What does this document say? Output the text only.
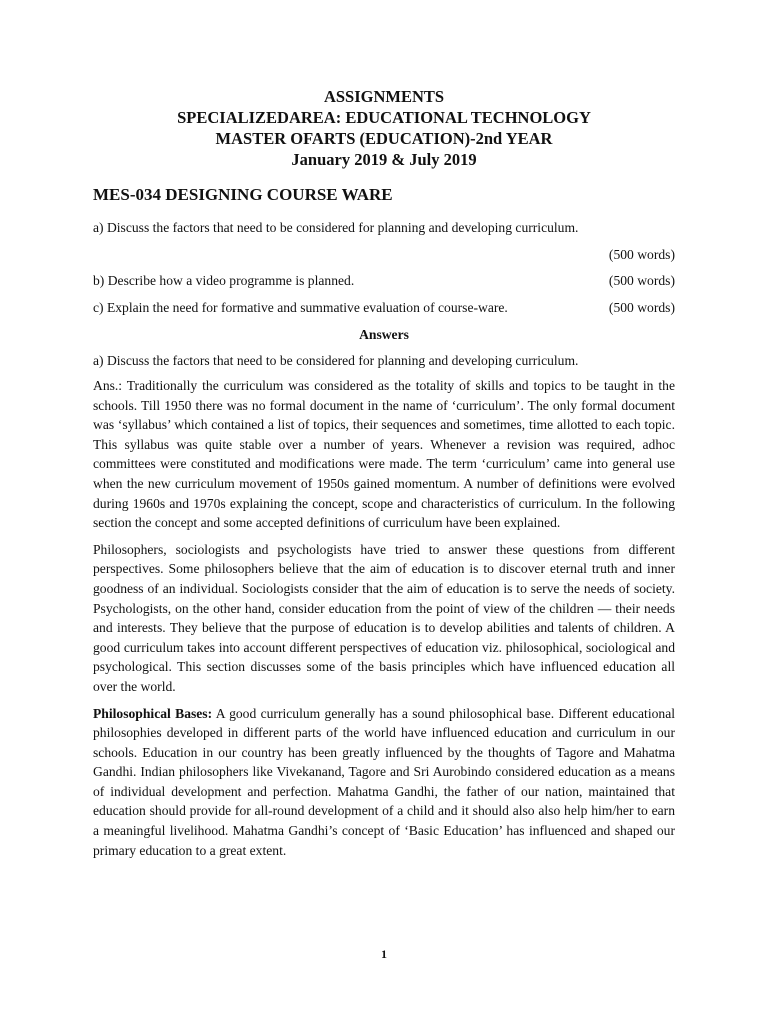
ASSIGNMENTS
SPECIALIZEDAREA: EDUCATIONAL TECHNOLOGY
MASTER OFARTS (EDUCATION)-2nd YEAR
January 2019 & July 2019
MES-034 DESIGNING COURSE WARE
a) Discuss the factors that need to be considered for planning and developing curriculum.
(500 words)
b) Describe how a video programme is planned.	(500 words)
c) Explain the need for formative and summative evaluation of course-ware.	(500 words)
Answers
a) Discuss the factors that need to be considered for planning and developing curriculum.
Ans.: Traditionally the curriculum was considered as the totality of skills and topics to be taught in the schools. Till 1950 there was no formal document in the name of ‘curriculum’. The only formal document was ‘syllabus’ which contained a list of topics, their sequences and sometimes, time allotted to each topic. This syllabus was quite stable over a number of years. Whenever a revision was required, adhoc committees were constituted and modifications were made. The term ‘curriculum’ came into general use when the new curriculum movement of 1950s gained momentum. A number of definitions were evolved during 1960s and 1970s explaining the concept, scope and characteristics of curriculum. In the following section the concept and some accepted definitions of curriculum have been explained.
Philosophers, sociologists and psychologists have tried to answer these questions from different perspectives. Some philosophers believe that the aim of education is to discover eternal truth and inner goodness of an individual. Sociologists consider that the aim of education is to serve the needs of society. Psychologists, on the other hand, consider education from the point of view of the children — their needs and interests. They believe that the purpose of education is to develop abilities and talents of children. A good curriculum takes into account different perspectives of education viz. philosophical, sociological and psychological. This section discusses some of the basis principles which have influenced education all over the world.
Philosophical Bases: A good curriculum generally has a sound philosophical base. Different educational philosophies developed in different parts of the world have influenced education and curriculum in our schools. Education in our country has been greatly influenced by the thoughts of Tagore and Mahatma Gandhi. Indian philosophers like Vivekanand, Tagore and Sri Aurobindo considered education as a means of individual development and perfection. Mahatma Gandhi, the father of our nation, maintained that education should provide for all-round development of a child and it should also also help him/her to earn a meaningful livelihood. Mahatma Gandhi’s concept of ‘Basic Education’ has influenced and shaped our primary education to a great extent.
1
